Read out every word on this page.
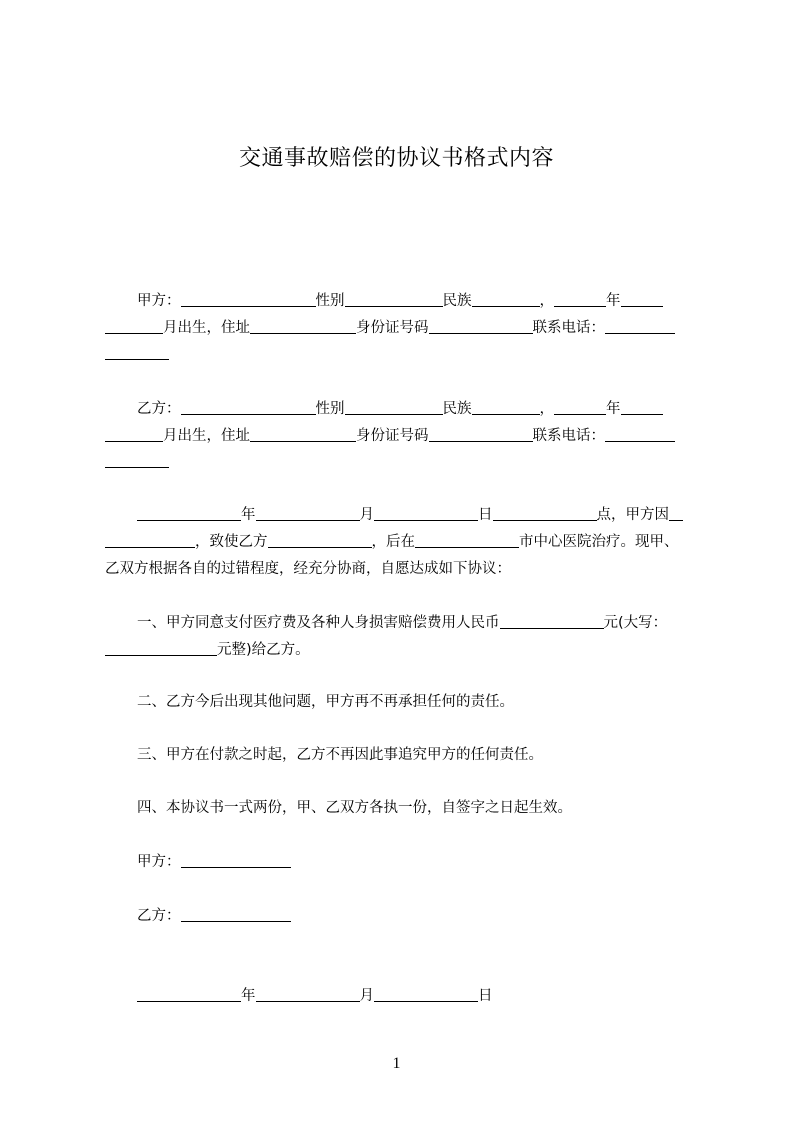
交通事故赔偿的协议书格式内容
甲方：	性别	民族	，	年
月出生，住址	身份证号码	联系电话：
乙方：	性别	民族	，	年
月出生，住址	身份证号码	联系电话：
年	月	日	点，甲方因
，致使乙方	，后在	市中心医院治疗。现甲、
乙双方根据各自的过错程度，经充分协商，自愿达成如下协议：
一、甲方同意支付医疗费及各种人身损害赔偿费用人民币	元(大写：
元整)给乙方。
二、乙方今后出现其他问题，甲方再不再承担任何的责任。
三、甲方在付款之时起，乙方不再因此事追究甲方的任何责任。
四、本协议书一式两份，甲、乙双方各执一份，自签字之日起生效。
甲方：
乙方：
年	月	日
1
